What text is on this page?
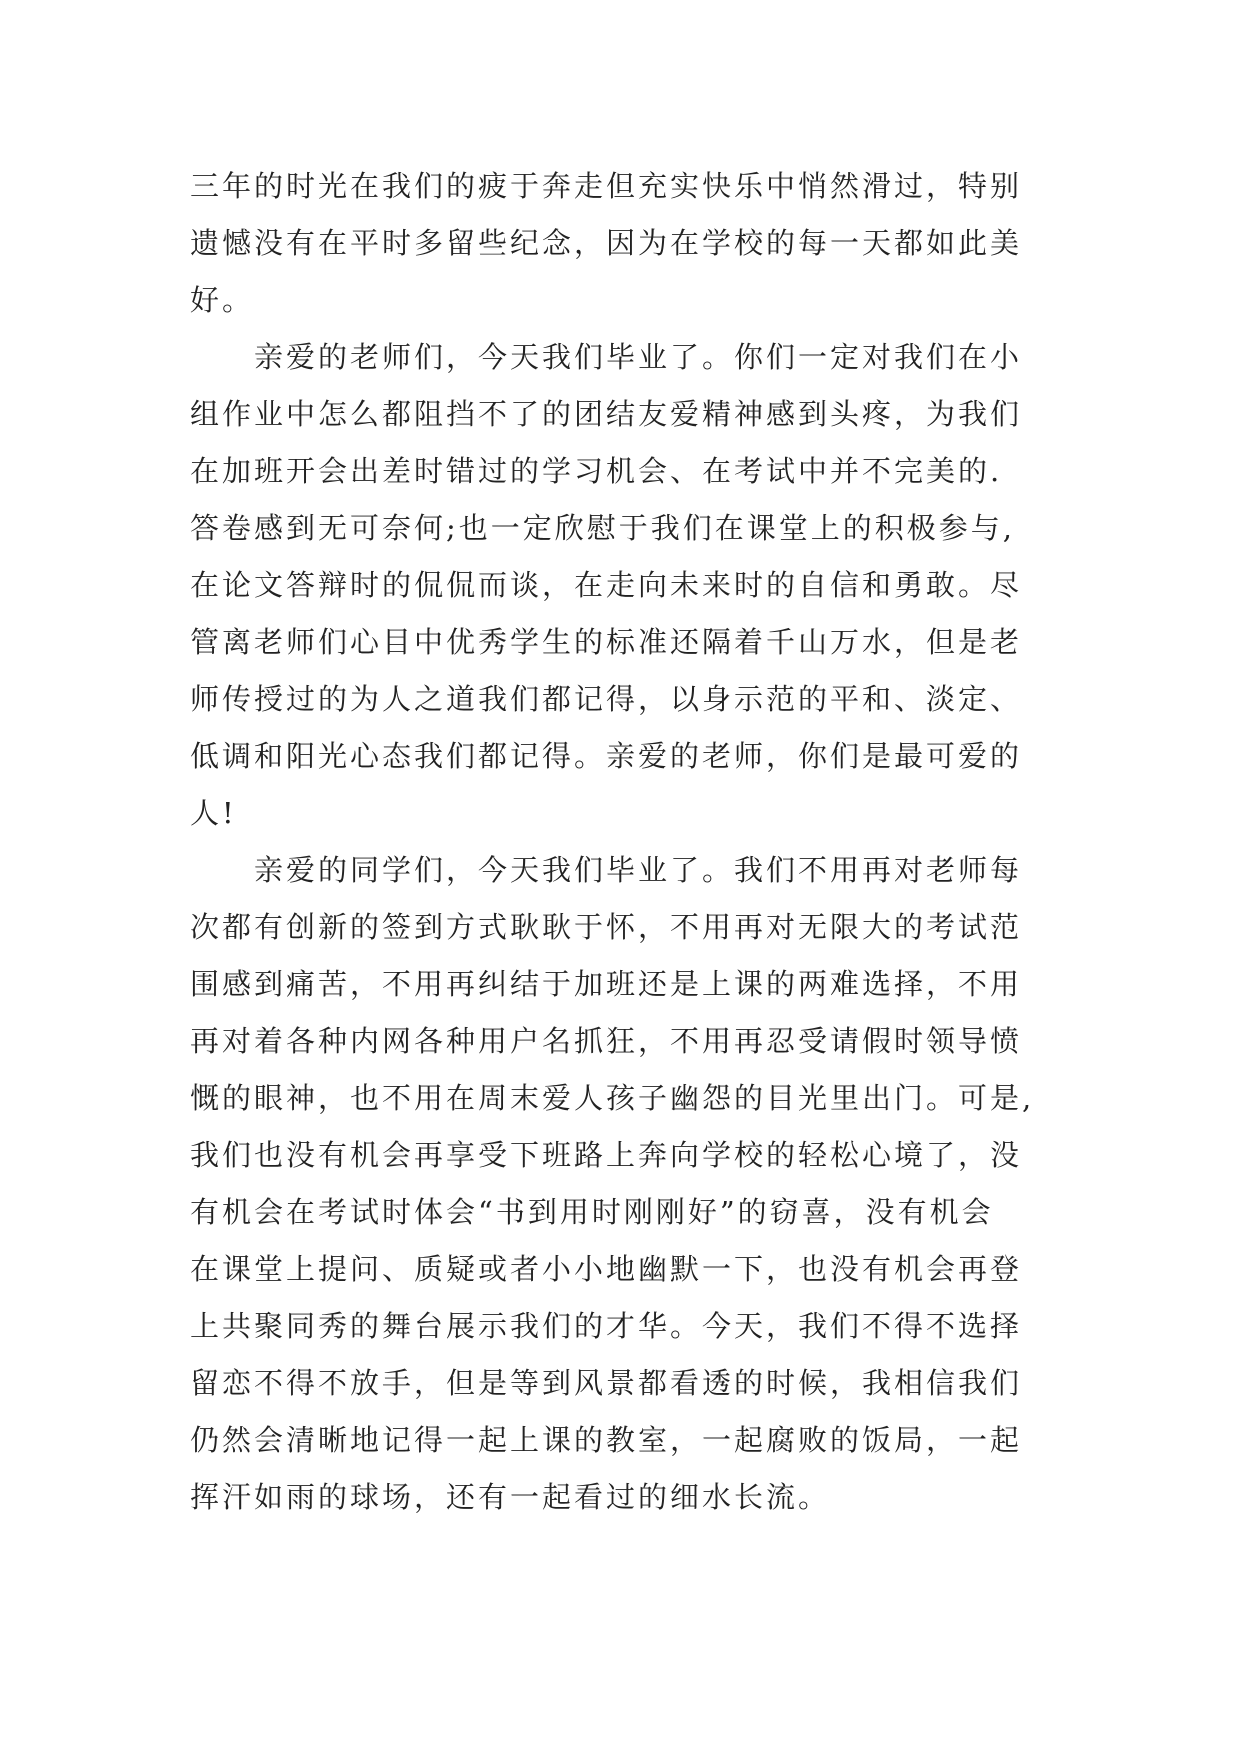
三年的时光在我们的疲于奔走但充实快乐中悄然滑过，特别
遗憾没有在平时多留些纪念，因为在学校的每一天都如此美
好。
亲爱的老师们，今天我们毕业了。你们一定对我们在小
组作业中怎么都阻挡不了的团结友爱精神感到头疼，为我们
在加班开会出差时错过的学习机会、在考试中并不完美的.
答卷感到无可奈何;也一定欣慰于我们在课堂上的积极参与,
在论文答辩时的侃侃而谈，在走向未来时的自信和勇敢。尽
管离老师们心目中优秀学生的标准还隔着千山万水，但是老
师传授过的为人之道我们都记得，以身示范的平和、淡定、
低调和阳光心态我们都记得。亲爱的老师，你们是最可爱的
人!
亲爱的同学们，今天我们毕业了。我们不用再对老师每
次都有创新的签到方式耿耿于怀，不用再对无限大的考试范
围感到痛苦，不用再纠结于加班还是上课的两难选择，不用
再对着各种内网各种用户名抓狂，不用再忍受请假时领导愤
慨的眼神，也不用在周末爱人孩子幽怨的目光里出门。可是,
我们也没有机会再享受下班路上奔向学校的轻松心境了，没
有机会在考试时体会“书到用时刚刚好”的窃喜，没有机会
在课堂上提问、质疑或者小小地幽默一下，也没有机会再登
上共聚同秀的舞台展示我们的才华。今天，我们不得不选择
留恋不得不放手，但是等到风景都看透的时候，我相信我们
仍然会清晰地记得一起上课的教室，一起腐败的饭局，一起
挥汗如雨的球场，还有一起看过的细水长流。
